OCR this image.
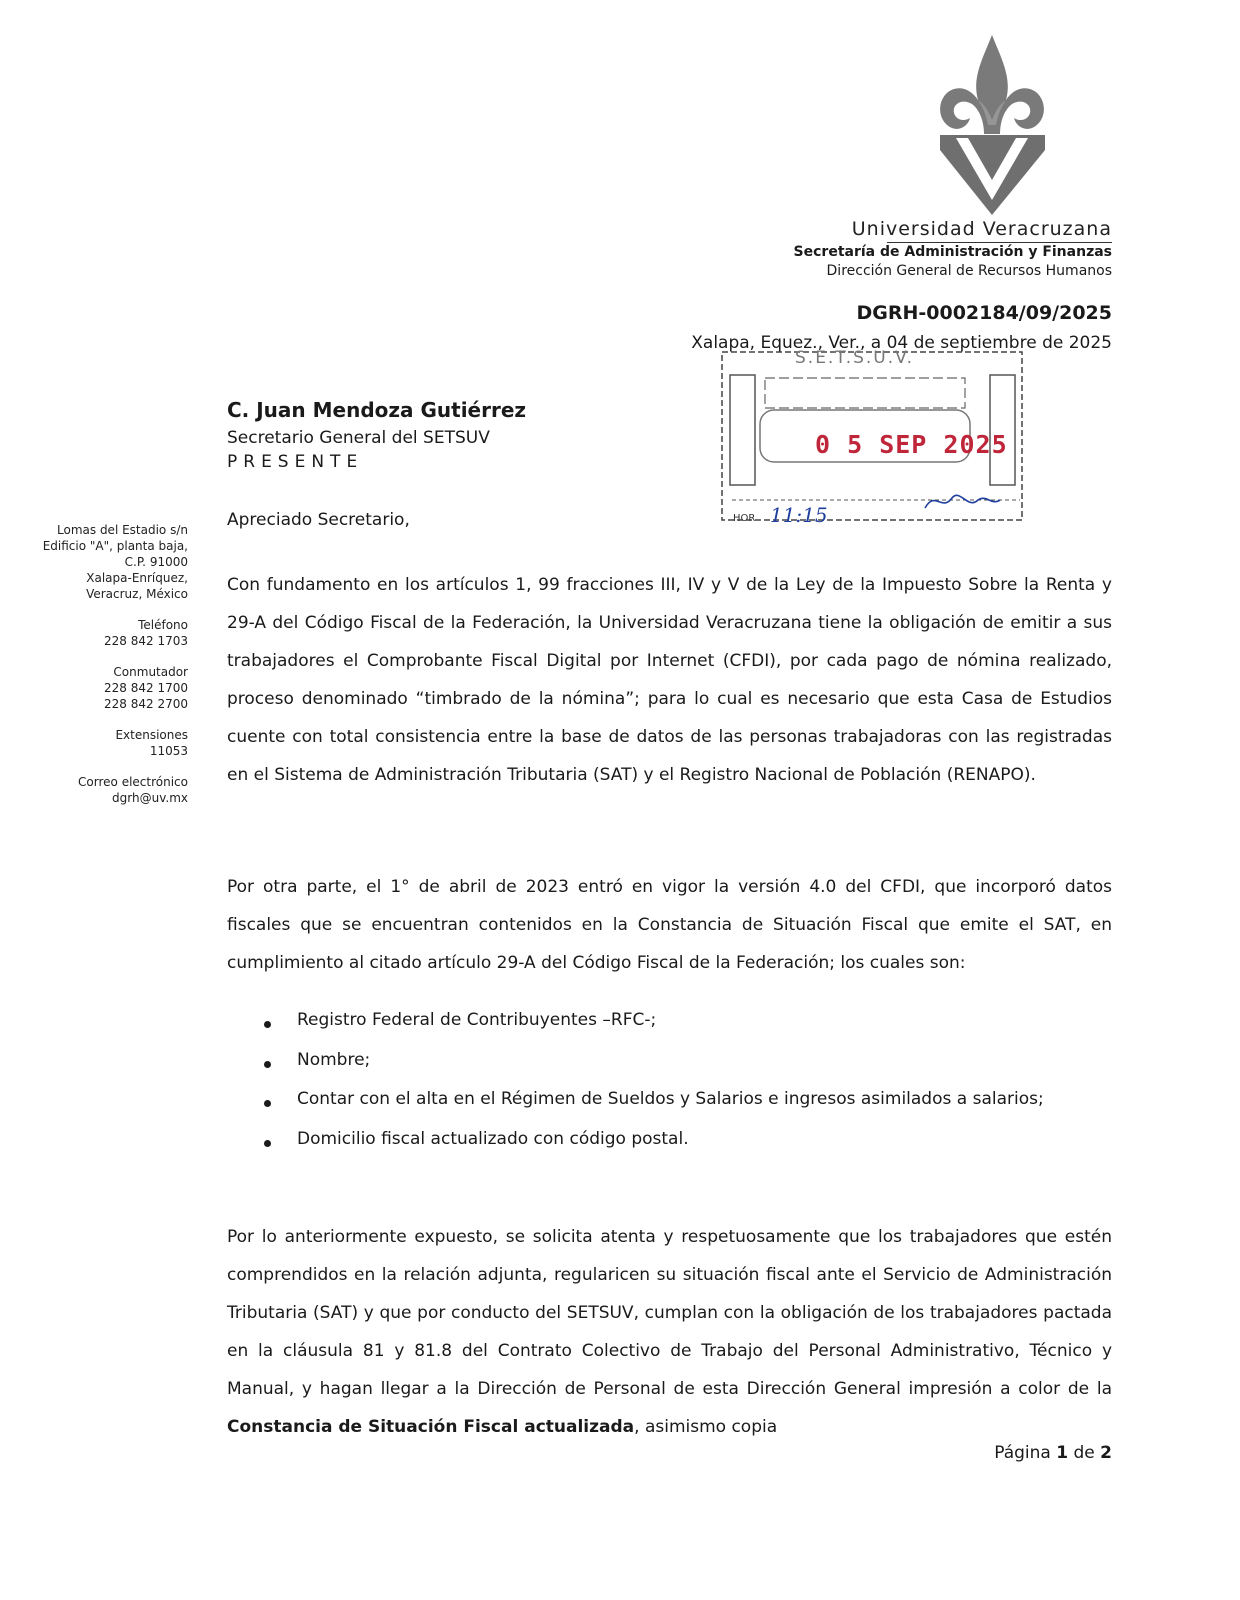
Universidad Veracruzana
Secretaría de Administración y Finanzas
Dirección General de Recursos Humanos
DGRH-0002184/09/2025
Xalapa, Equez., Ver., a 04 de septiembre de 2025
S.E.T.S.U.V.
0 5 SEP 2025
HOR 11:15

Lomas del Estadio s/n
Edificio "A", planta baja,
C.P. 91000
Xalapa-Enríquez,
Veracruz, México

Teléfono
228 842 1703

Conmutador
228 842 1700
228 842 2700

Extensiones
11053

Correo electrónico
dgrh@uv.mx

C. Juan Mendoza Gutiérrez
Secretario General del SETSUV
PRESENTE
Apreciado Secretario,

Con fundamento en los artículos 1, 99 fracciones III, IV y V de la Ley de la Impuesto Sobre la Renta y 29-A del Código Fiscal de la Federación, la Universidad Veracruzana tiene la obligación de emitir a sus trabajadores el Comprobante Fiscal Digital por Internet (CFDI), por cada pago de nómina realizado, proceso denominado “timbrado de la nómina”; para lo cual es necesario que esta Casa de Estudios cuente con total consistencia entre la base de datos de las personas trabajadoras con las registradas en el Sistema de Administración Tributaria (SAT) y el Registro Nacional de Población (RENAPO).

Por otra parte, el 1° de abril de 2023 entró en vigor la versión 4.0 del CFDI, que incorporó datos fiscales que se encuentran contenidos en la Constancia de Situación Fiscal que emite el SAT, en cumplimiento al citado artículo 29-A del Código Fiscal de la Federación; los cuales son:

Registro Federal de Contribuyentes –RFC-;
Nombre;
Contar con el alta en el Régimen de Sueldos y Salarios e ingresos asimilados a salarios;
Domicilio fiscal actualizado con código postal.

Por lo anteriormente expuesto, se solicita atenta y respetuosamente que los trabajadores que estén comprendidos en la relación adjunta, regularicen su situación fiscal ante el Servicio de Administración Tributaria (SAT) y que por conducto del SETSUV, cumplan con la obligación de los trabajadores pactada en la cláusula 81 y 81.8 del Contrato Colectivo de Trabajo del Personal Administrativo, Técnico y Manual, y hagan llegar a la Dirección de Personal de esta Dirección General impresión a color de la Constancia de Situación Fiscal actualizada, asimismo copia

Página 1 de 2
